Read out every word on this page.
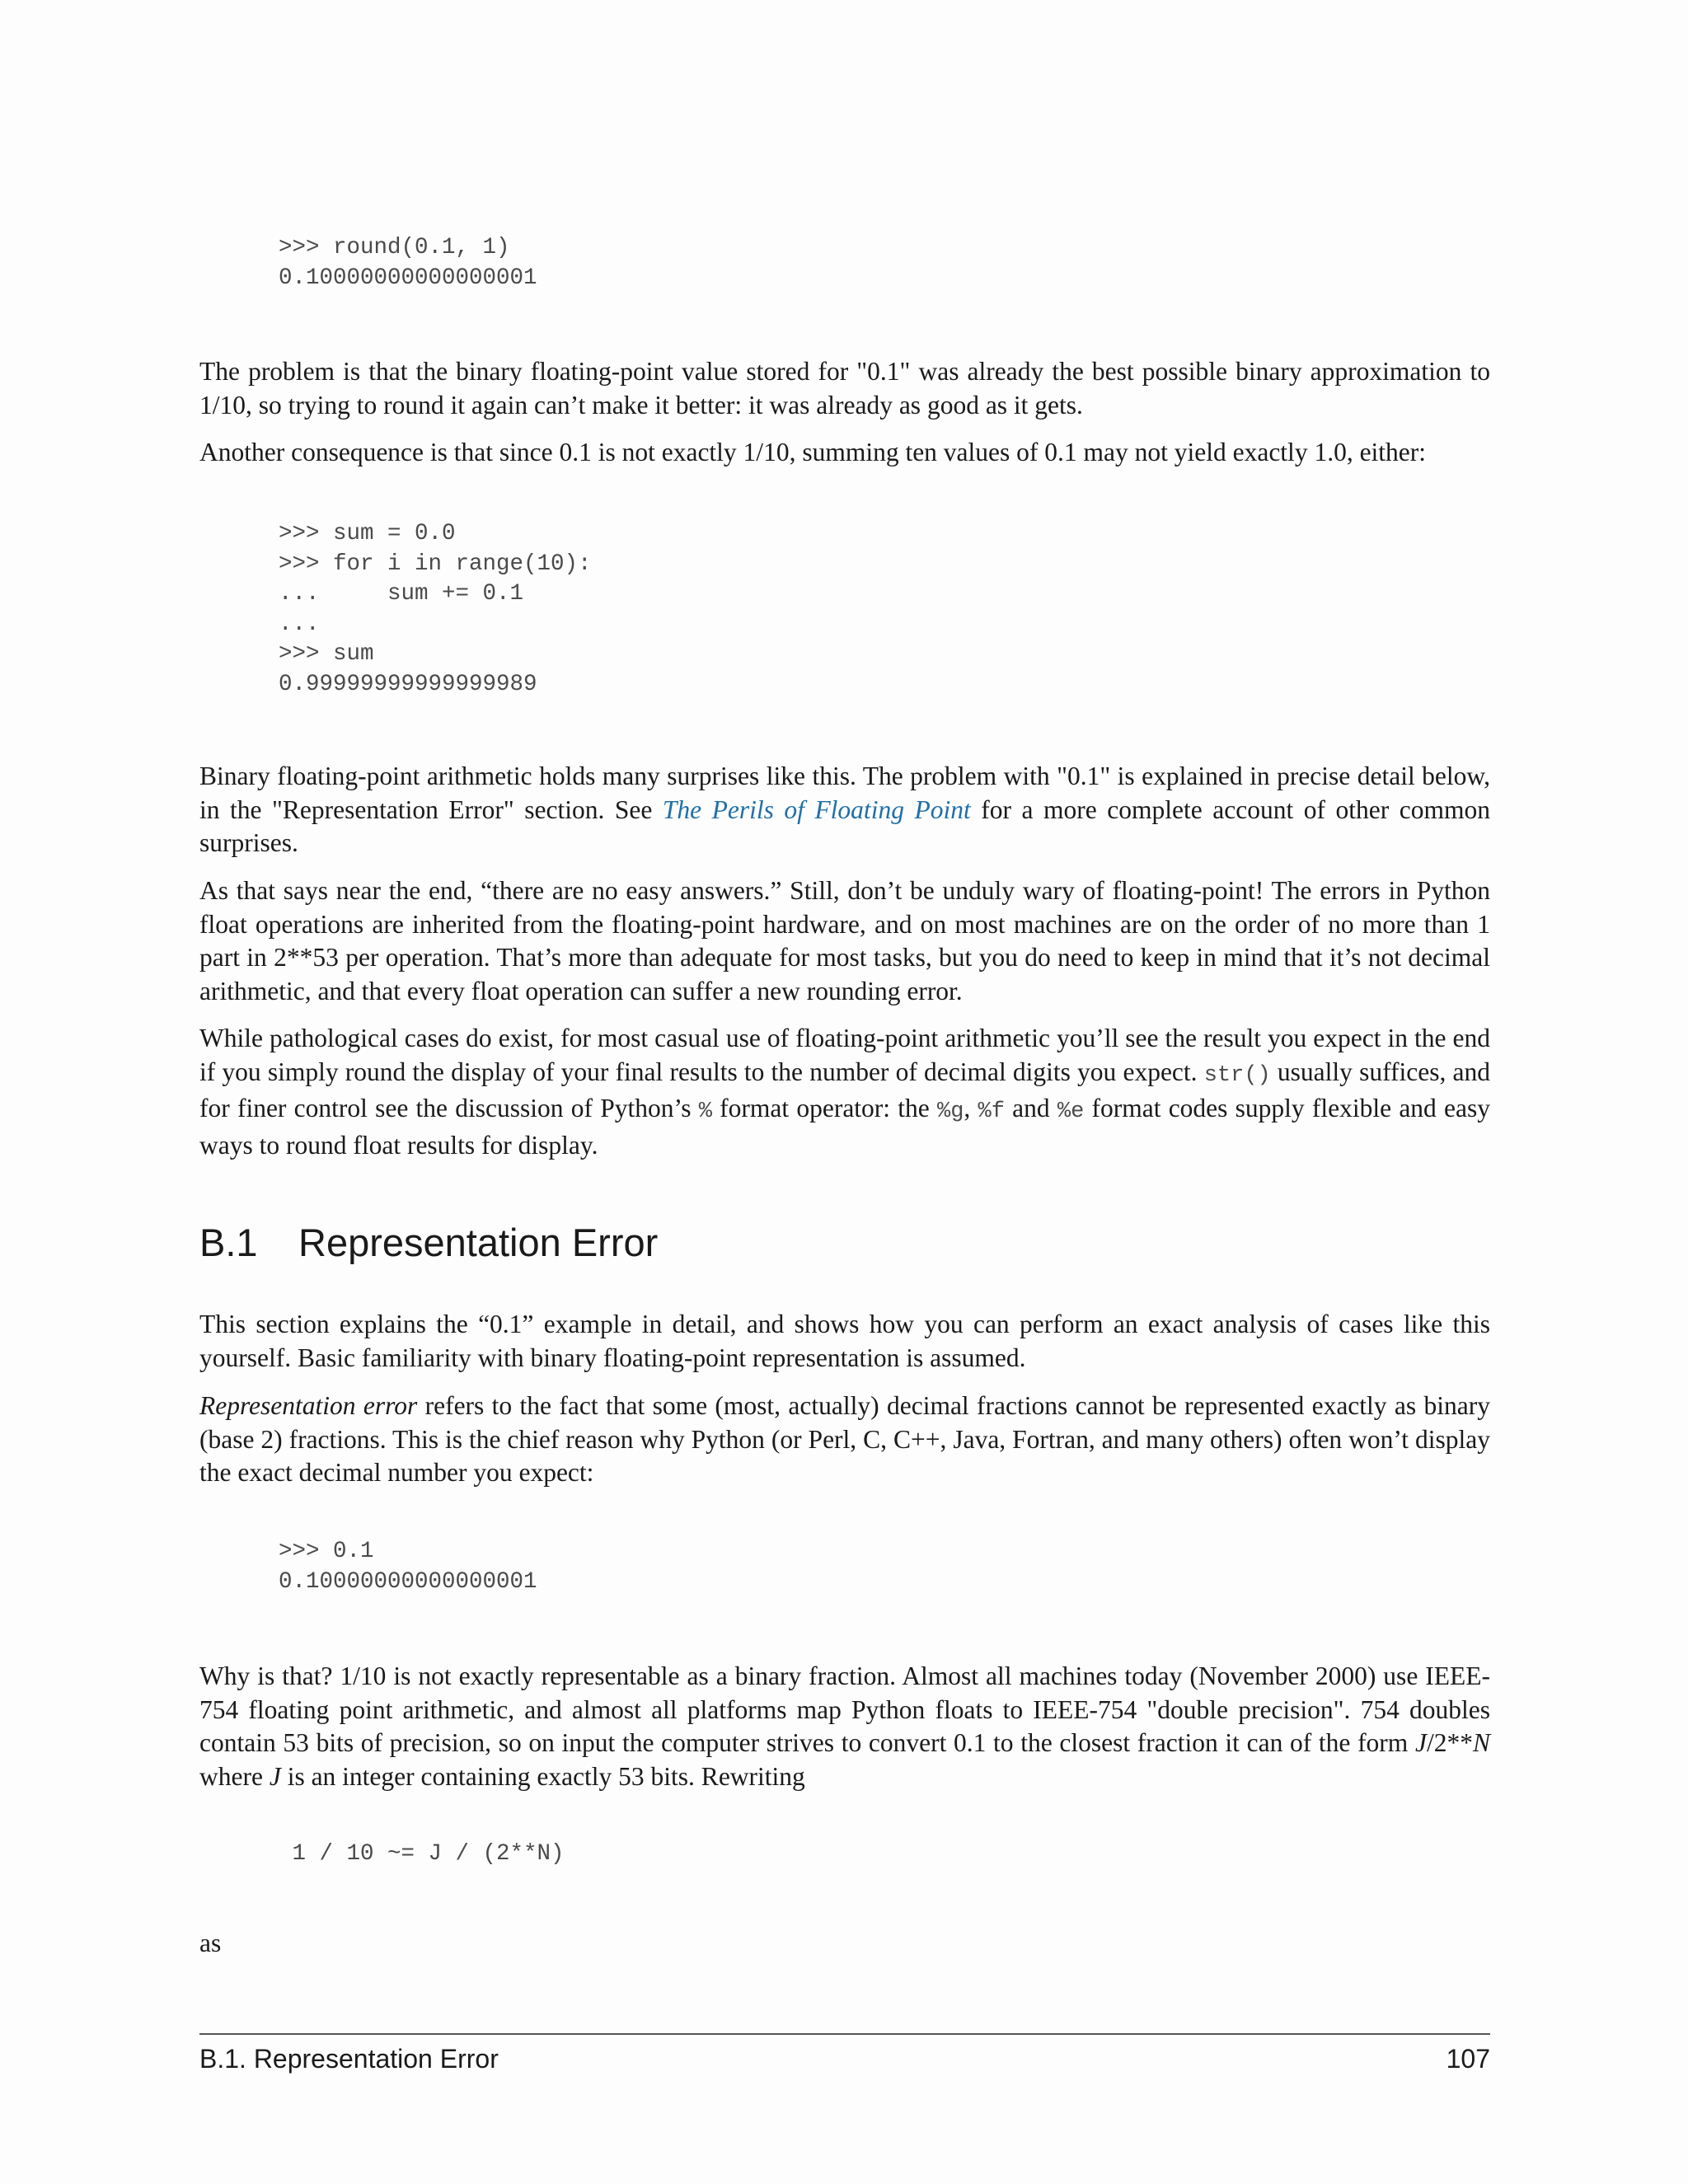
>>> round(0.1, 1)
0.10000000000000001

The problem is that the binary floating-point value stored for "0.1" was already the best possible binary approximation to 1/10, so trying to round it again can’t make it better: it was already as good as it gets.

Another consequence is that since 0.1 is not exactly 1/10, summing ten values of 0.1 may not yield exactly 1.0, either:

>>> sum = 0.0
>>> for i in range(10):
...     sum += 0.1
...
>>> sum
0.99999999999999989

Binary floating-point arithmetic holds many surprises like this. The problem with "0.1" is explained in precise detail below, in the "Representation Error" section. See The Perils of Floating Point for a more complete account of other common surprises.

As that says near the end, “there are no easy answers.” Still, don’t be unduly wary of floating-point! The errors in Python float operations are inherited from the floating-point hardware, and on most machines are on the order of no more than 1 part in 2**53 per operation. That’s more than adequate for most tasks, but you do need to keep in mind that it’s not decimal arithmetic, and that every float operation can suffer a new rounding error.

While pathological cases do exist, for most casual use of floating-point arithmetic you’ll see the result you expect in the end if you simply round the display of your final results to the number of decimal digits you expect. str() usually suffices, and for finer control see the discussion of Python’s % format operator: the %g, %f and %e format codes supply flexible and easy ways to round float results for display.

B.1 Representation Error

This section explains the “0.1” example in detail, and shows how you can perform an exact analysis of cases like this yourself. Basic familiarity with binary floating-point representation is assumed.

Representation error refers to the fact that some (most, actually) decimal fractions cannot be represented exactly as binary (base 2) fractions. This is the chief reason why Python (or Perl, C, C++, Java, Fortran, and many others) often won’t display the exact decimal number you expect:

>>> 0.1
0.10000000000000001

Why is that? 1/10 is not exactly representable as a binary fraction. Almost all machines today (November 2000) use IEEE-754 floating point arithmetic, and almost all platforms map Python floats to IEEE-754 "double precision". 754 doubles contain 53 bits of precision, so on input the computer strives to convert 0.1 to the closest fraction it can of the form J/2**N where J is an integer containing exactly 53 bits. Rewriting

1 / 10 ~= J / (2**N)

as

B.1. Representation Error	107
